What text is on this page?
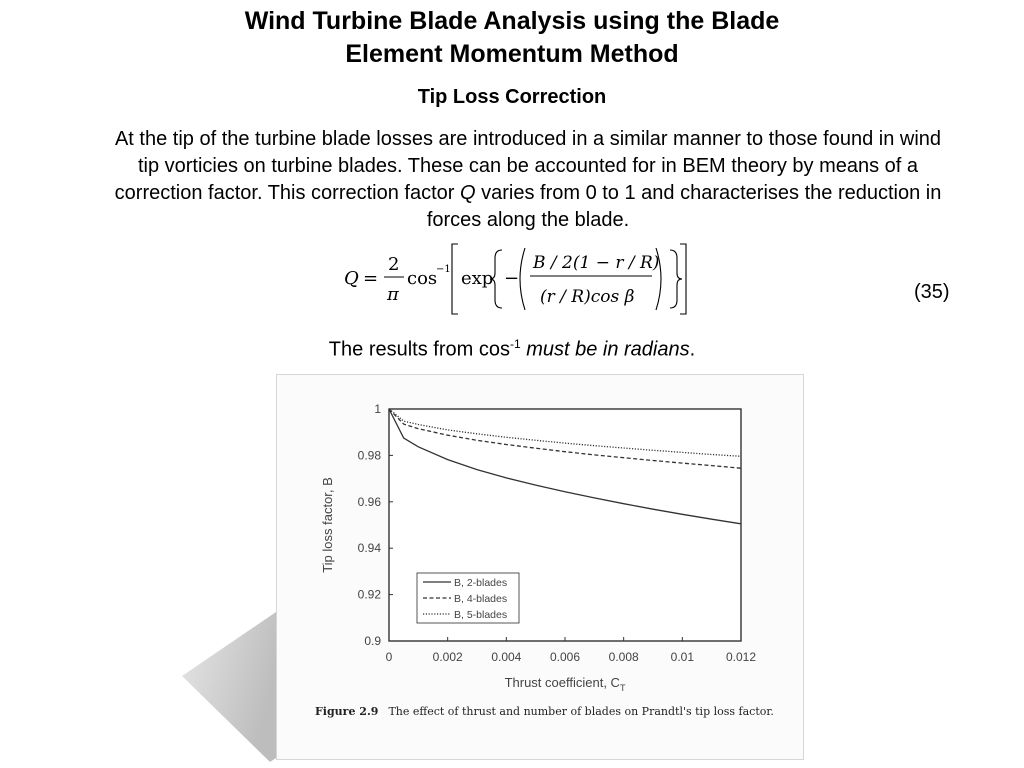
Wind Turbine Blade Analysis using the Blade
Element Momentum Method
Tip Loss Correction
At the tip of the turbine blade losses are introduced in a similar manner to those found in wind tip vorticies on turbine blades. These can be accounted for in BEM theory by means of a correction factor. This correction factor Q varies from 0 to 1 and characterises the reduction in forces along the blade.
Q =
2
π
cos
−1 exp −
B / 2(1 − r / R)
(r / R)cos β	(35)
The results from $\cos^{-1}$ must be in radians.
0	0.002 0.004 0.006 0.008	0.01	0.012
0.9
0.92
0.94
0.96
0.98
1
Thrust coefficient, $C_T$
Tip loss factor, B
B, 2-blades
B, 4-blades
B, 5-blades
Figure 2.9 The effect of thrust and number of blades on Prandtl's tip loss factor.
